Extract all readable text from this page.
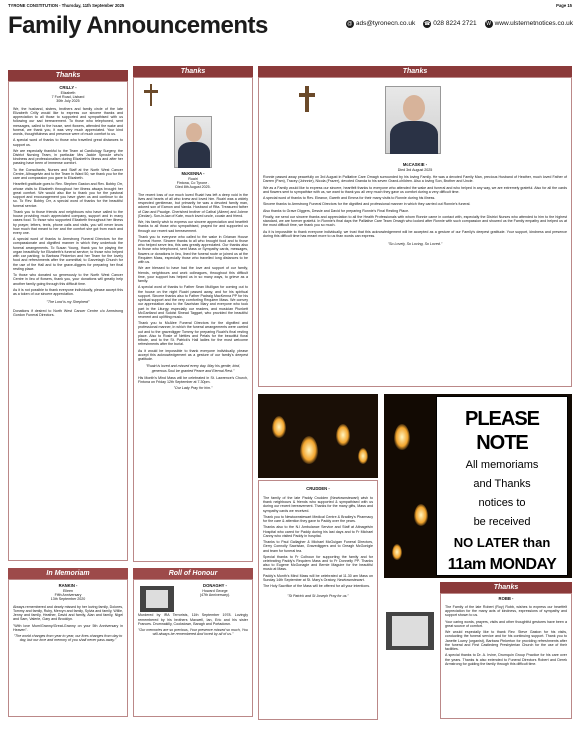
TYRONE CONSTITUTION - Thursday, 11th September 2025	Page 15
Family Announcements	@ ads@tyronecn.co.uk ☎ 028 8224 2721	W www.ulsternetnotices.co.uk
Thanks
CRILLY -
Elizabeth
7 Fort Road, Lisbard
30th July 2025

We, the husband, sisters, brothers and family circle of the late Elizabeth Crilly would like to express our sincere thanks and appreciation to all those to supported and sympathised with us following our sad bereavement. To those who telephoned, sent messages, called to the house, sent flowers, attended the wake and funeral, we thank you, it was very much appreciated. Your kind words, thoughtfulness and presence were of much comfort to us.

A special word of thanks to those who travelled great distances to support us.

We are especially thankful to the Team at Cardiology Surgery, the District Nursing Team, in particular Mrs Jackie Sproule who's kindness and professionalism during Elizabeth's illness and after her passing have been of immense comfort.

To the Consultants, Nurses and Staff at the North West Cancer Centre, Altnagelvin and to the Team in Ward 50, we thank you for the care and compassion you gave to Elizabeth.

Heartfelt gratitude goes to Rev. Stephen Gaston and Rev. Bobby Orr, whose visits to Elizabeth throughout her illness always brought her great comfort. We would also like to thank you for the pastoral support and encouragement you have given us and continue to do so. To Rev. Bobby Orr, a special word of thanks for the beautiful funeral service.

Thank you to those friends and neighbours who have called to the house providing much appreciated company, support and in many cases food. To those who supported Elizabeth throughout her illness by prayer, letters, texts, phone calls and visits, you will never know how much that meant to her and the comfort she got from each and every one.

A special word of thanks to Armstrong Funeral Directors for the compassionate and dignified manner in which they undertook the funeral arrangements. To Susan Young, thank you for playing the organ beautifully for Elizabeth's funeral service; to those who helped with car parking; to Barbara Pinkerton and her Team for the lovely food and refreshments after the committal; to Garvetagh Church for the use of the Hall and to the grave-diggers for preparing her final resting place.

To those who donated so generously to the North West Cancer Centre in lieu of flowers, thank you, your donations will greatly help another family going through this difficult time.

As it is not possible to thank everyone individually, please accept this as a token of our sincere appreciation.

"The Lord is my Shepherd"

Donations if desired to North West Cancer Centre c/o Armstrong Gordon Funeral Directors.

In Memoriam
RANKIN -
Eileen
Fifth Anniversary
13th September 2020

Always remembered and dearly missed by her loving family, Dolores, Tommy and family, Ruby, Mervyn and family, Sylvia and family, Willie, Jenny and family, Heather, David and family, Alan and family, Nigel and Sam, Valerie, Gary and Brooklyn.

"With love Mum/Granny/Great-Granny on your 5th Anniversary in Heaven".

"The world changes from year to year, our lives changes from day to day, but our love and memory of you shall never pass away."

Thanks
McKENNA -
Ruairi
Fintona, Co Tyrone .
Died 8th August 2025.

The recent loss of our much loved Ruairi has left a deep void in the lives and hearts of all who knew and loved him. Ruairi was a widely respected gentleman, but primarily he was a devoted family man, adored son of Eamon and Vanda. Husband of Rita. Treasured father of Cian and Paudge. Cherished brother of Cathal (Aileen) and Jolene (Declan). Son-in-law of Kate, much loved uncle, cousin and friend.

We, his family wish to express our sincere appreciation and heartfelt thanks to all those who sympathised, prayed for and supported us through our recent sad bereavement.

Thank you to everyone who called to the wake in Grianan House Funeral Home. Sincere thanks to all who brought food and to those who helped serve tea, this was greatly appreciated. Our thanks also to those who telephoned, sent Mass or Sympathy cards, messages, flowers or donations in lieu, lined the funeral route or joined us at the Requiem Mass, especially those who travelled long distances to be with us.

We are blessed to have had the love and support of our family, friends, neighbours and work colleagues, throughout this difficult time, your support has helped us in so many ways, to grieve as a family.

A special word of thanks to Father Sean Mulligan for coming out to the house on the night Ruairi passed away, and for his spiritual support. Sincere thanks also to Father Padraig MacKenna PP for his spiritual support and the very comforting Requiem Mass. We convey our appreciation also to the Sacristan Mary and everyone who took part in the Liturgy, especially our readers, and musician Plunkett McGartland and Soloist Sinead Taggart, who provided the beautiful reverent and uplifting music.

Thank you to McAlee Funeral Directors for the dignified and professional manner, in which the funeral arrangements were carried out and to the gravedigger Tommy for preparing Ruairi's final resting place. Also to Rosie of Nettles and Petals for the beautiful floral tribute, and to the St. Patrick's Hall ladies for the most welcome refreshments after the burial.

As it would be impossible to thank everyone individually, please accept this acknowledgement as a gesture of our family's deepest gratitude.

"Ruairi is loved and missed every day. May his gentle, kind, generous Soul be granted Peace and Eternal Rest."

His Month's Mind Mass will be celebrated in St. Lawrence's Church, Fintona on Friday 12th September at 7.30pm.

"Our Lady Pray for him."

Roll of Honour
DONAGHY -
Howard George
(47th Anniversary).

Murdered by IRA Terrorists, 11th September 1978. Lovingly remembered by his brothers Maxwell, Ian, Eric and his sister Frances. Drumnakilly, Cookstown, Baragh and Portadown.

"Our memories are so precious, Your presence missed so much, You will always be remembered And loved by all of us."

Thanks
McCASKIE -
Died 3rd August 2025

Ronnie passed away peacefully on 3rd August in Palliative Care Omagh surrounded by his loving Family. He was a devoted Family Man, precious Husband of Heather, much loved Father of Darren (Pam), Tracey (Johnnie), Nicola (Frazer), devoted Granda to his seven Grand-children. Also a loving Son, Brother and Uncle.

We as a Family would like to express our sincere, heartfelt thanks to everyone who attended the wake and funeral and who helped in any way, we are extremely grateful. Also for all the cards and flowers sent to sympathise with us, we want to thank you all very much they gave us comfort during a very difficult time.

A special word of thanks to Rev. Eleanor, Gareth and Emma for their many visits to Ronnie during his illness.

Sincere thanks to Armstrong Funeral Directors for the dignified and professional manner in which they carried out Ronnie's funeral.

Also thanks to Grave Diggers, Dessie and David for preparing Ronnie's Final Resting Place.

Finally, we send our sincere thanks and appreciation to all the Health Professionals with whom Ronnie came in contact with, especially the District Nurses who attended to him to the highest standard, we are forever grateful. In Ronnie's final days the Palliative Care Team Omagh who looked after Ronnie with such compassion and showed us the Family empathy and helped us at the most difficult time, we thank you so much.

As it is impossible to thank everyone individually, we trust that this acknowledgement will be accepted as a gesture of our Family's deepest gratitude. Your support, kindness and presence during this difficult time has meant more to us than words can express.

"So Lovely, So Loving, So Loved."

CRUDDEN -

The family of the late Paddy Crudden (Newtownstewart) wish to thank neighbours & friends who supported & sympathised with us during our recent bereavement. Thanks for the many gifts, Mass and sympathy cards we received.

Thank you to Newtownstewart Medical Centre & Bradley's Pharmacy for the care & attention they gave to Paddy over the years.

Thanks also to the N.I Ambulance Service and Staff at Altnagelvin Hospital who cared for Paddy during his last days and to Fr Michael Canny who visited Paddy in hospital.

Thanks to Paul Gallagher & Michael McGuigan Funeral Directors, Gerry Connolly Sacristan, Gravediggers and to Greagh McGonigle and team for funeral tea.

Special thanks to Fr Colhoun for supporting the family and for celebrating Paddy's Requiem Mass and to Fr Donnelly PP. Thanks also to Eugene McGonagle and Bernie Maguire for the beautiful music at Mass.

Paddy's Month's Mind Mass will be celebrated at 11.30 am Mass on Sunday 14th September at St. Mary's Oratory, Newtownstewart.

The Holy Sacrifice of the Mass will be offered for all your intentions.

"St Patrick and St Joseph Pray for us."

PLEASE NOTE
All memoriams
and Thanks
notices to
be received
NO LATER than
11am MONDAY
Thanks
ROBB -

The Family of the late Robert (Roy) Robb, wishes to express our heartfelt appreciation for the many acts of kindness, expressions of sympathy and support shown to us.

Your caring words, prayers, visits and other thoughtful gestures have been a great source of comfort.

We would especially like to thank Rev. Steve Gaston for his visits, conducting the funeral service and for his continuing support. Thank you to Janette Lowry (organist), Barbara Pinkerton for providing refreshments after the funeral and First Castlederg Presbyterian Church for the use of their facilities.

A special thanks to Dr. A. Irvine, Drumquin Group Practice for his care over the years. Thanks is also extended to Funeral Directors Robert and Derek Armstrong for guiding the family through this difficult time.
